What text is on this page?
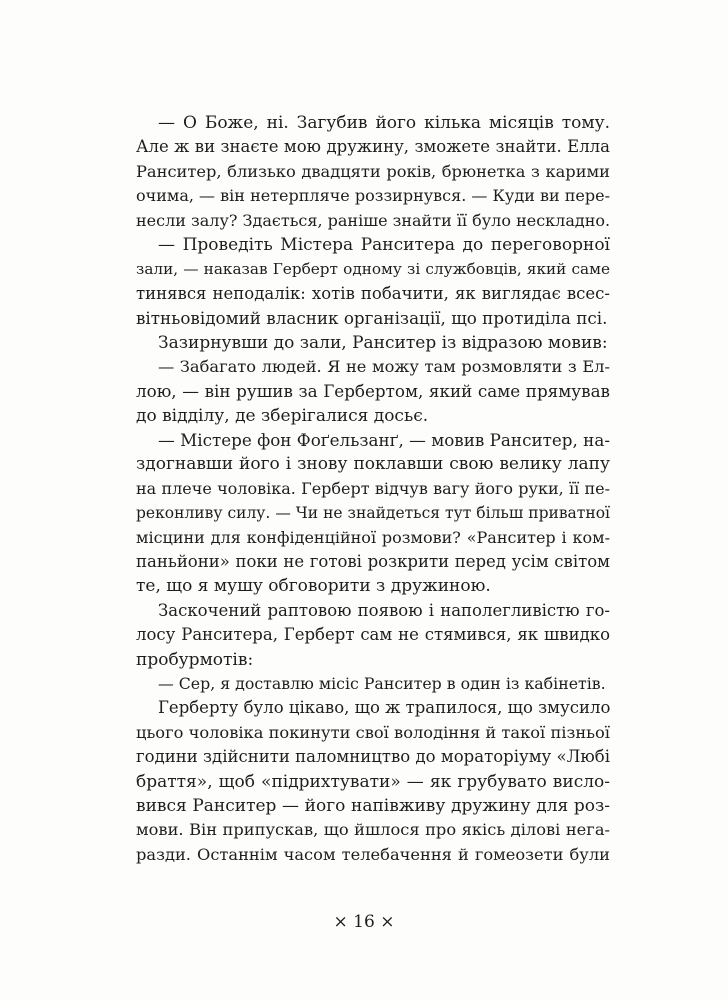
— О Боже, ні. Загубив його кілька місяців тому.
Але ж ви знаєте мою дружину, зможете знайти. Елла
Ранситер, близько двадцяти років, брюнетка з карими
очима, — він нетерпляче роззирнувся. — Куди ви пере-
несли залу? Здається, раніше знайти її було нескладно.
— Проведіть Містера Ранситера до переговорної
зали, — наказав Герберт одному зі службовців, який саме
тинявся неподалік: хотів побачити, як виглядає всес-
вітньовідомий власник організації, що протиділа псі.
Зазирнувши до зали, Ранситер із відразою мовив:
— Забагато людей. Я не можу там розмовляти з Ел-
лою, — він рушив за Гербертом, який саме прямував
до відділу, де зберігалися досьє.
— Містере фон Фоґельзанґ, — мовив Ранситер, на-
здогнавши його і знову поклавши свою велику лапу
на плече чоловіка. Герберт відчув вагу його руки, її пе-
реконливу силу. — Чи не знайдеться тут більш приватної
місцини для конфіденційної розмови? «Ранситер і ком-
паньйони» поки не готові розкрити перед усім світом
те, що я мушу обговорити з дружиною.
Заскочений раптовою появою і наполегливістю го-
лосу Ранситера, Герберт сам не стямився, як швидко
пробурмотів:
— Сер, я доставлю місіс Ранситер в один із кабінетів.
Герберту було цікаво, що ж трапилося, що змусило
цього чоловіка покинути свої володіння й такої пізньої
години здійснити паломництво до мораторіуму «Любі
браття», щоб «підрихтувати» — як грубувато висло-
вився Ранситер — його напівживу дружину для роз-
мови. Він припускав, що йшлося про якісь ділові нега-
разди. Останнім часом телебачення й гомеозети були
× 16 ×
